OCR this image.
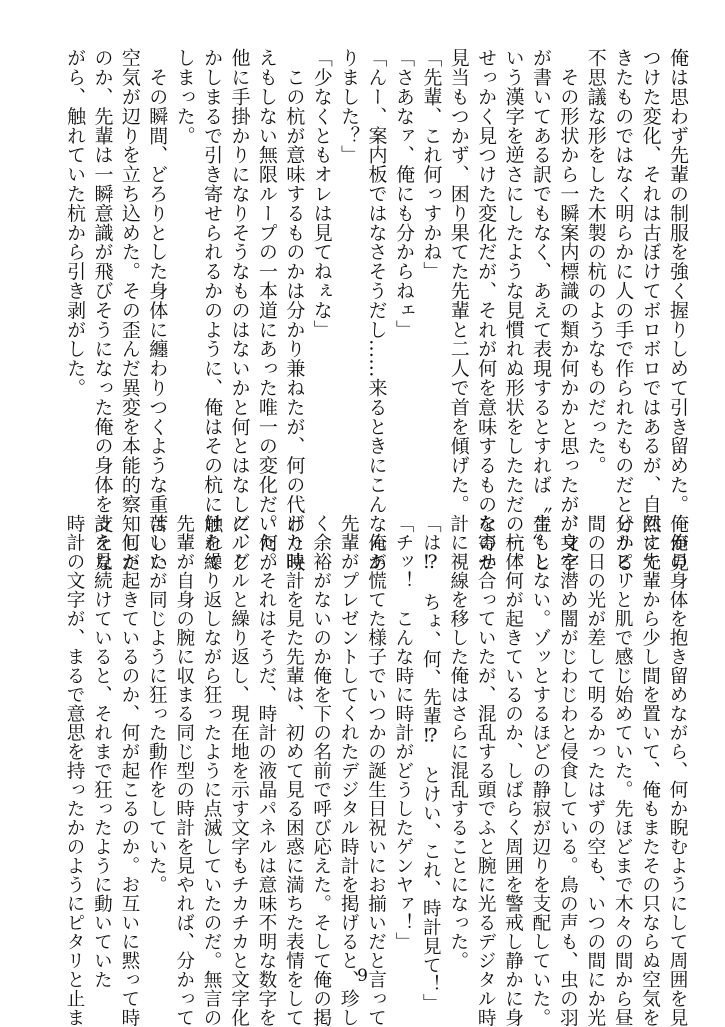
俺は思わず先輩の制服を強く握りしめて引き留めた。俺が見
つけた変化、それは古ぼけてボロボロではあるが、自然にで
きたものではなく明らかに人の手で作られたものだと分かる、
不思議な形をした木製の杭のようなものだった。
　その形状から一瞬案内標識の類か何かかと思ったが、文字
が書いてある訳でもなく、あえて表現するとすれば〝生〟と
いう漢字を逆さにしたような見慣れぬ形状をしたただの杭。
せっかく見つけた変化だが、それが何を意味するものなのか
見当もつかず、困り果てた先輩と二人で首を傾げた。
「先輩、これ何っすかね」
「さあなァ、俺にも分からねェ」
「んー、案内板ではなさそうだし……来るときにこんなんあ
りました？」
「少なくともオレは見てねぇな」
　この杭が意味するものかは分かり兼ねたが、何の代わり映
えもしない無限ループの一本道にあった唯一の変化だ。何か
他に手掛かりになりそうなものはないかと何とはなしに、し
かしまるで引き寄せられるかのように、俺はその杭に触れて
しまった。
　その瞬間、どろりとした身体に纏わりつくような重苦しい
空気が辺りを立ち込めた。その歪んだ異変を本能的察知した
のか、先輩は一瞬意識が飛びそうになった俺の身体を支えな
がら、触れていた杭から引き剥がした。
　俺の身体を抱き留めながら、何か睨むようにして周囲を見
回す先輩から少し間を置いて、俺もまたその只ならぬ空気を
ピリピリと肌で感じ始めていた。先ほどまで木々の間から昼
間の日の光が差して明るかったはずの空も、いつの間にか光
が身を潜め闇がじわじわと侵食している。鳥の声も、虫の羽
音もしない。ゾッとするほどの静寂が辺りを支配していた。
　一体何が起きているのか、しばらく周囲を警戒し静かに身
を寄せ合っていたが、混乱する頭でふと腕に光るデジタル時
計に視線を移した俺はさらに混乱することになった。
「は⁉　ちょ、何、先輩⁉　とけい、これ、時計見て！」
「チッ！　こんな時に時計がどうしたゲンヤァ！」
　俺が慌てた様子でいつかの誕生日祝いにお揃いだと言って
先輩がプレゼントしてくれたデジタル時計を掲げると、珍し
く余裕がないのか俺を下の名前で呼び応えた。そして俺の掲
げた時計を見た先輩は、初めて見る困惑に満ちた表情をして
いた。それはそうだ、時計の液晶パネルは意味不明な数字を
グルグルと繰り返し、現在地を示す文字もチカチカと文字化
けを繰り返しながら狂ったように点滅していたのだ。無言の
先輩が自身の腕に収まる同じ型の時計を見やれば、分かって
はいたが同じように狂った動作をしていた。
　何が起きているのか、何が起こるのか。お互いに黙って時
計を見続けていると、それまで狂ったように動いていた
時計の文字が、まるで意思を持ったかのようにピタリと止ま	9
